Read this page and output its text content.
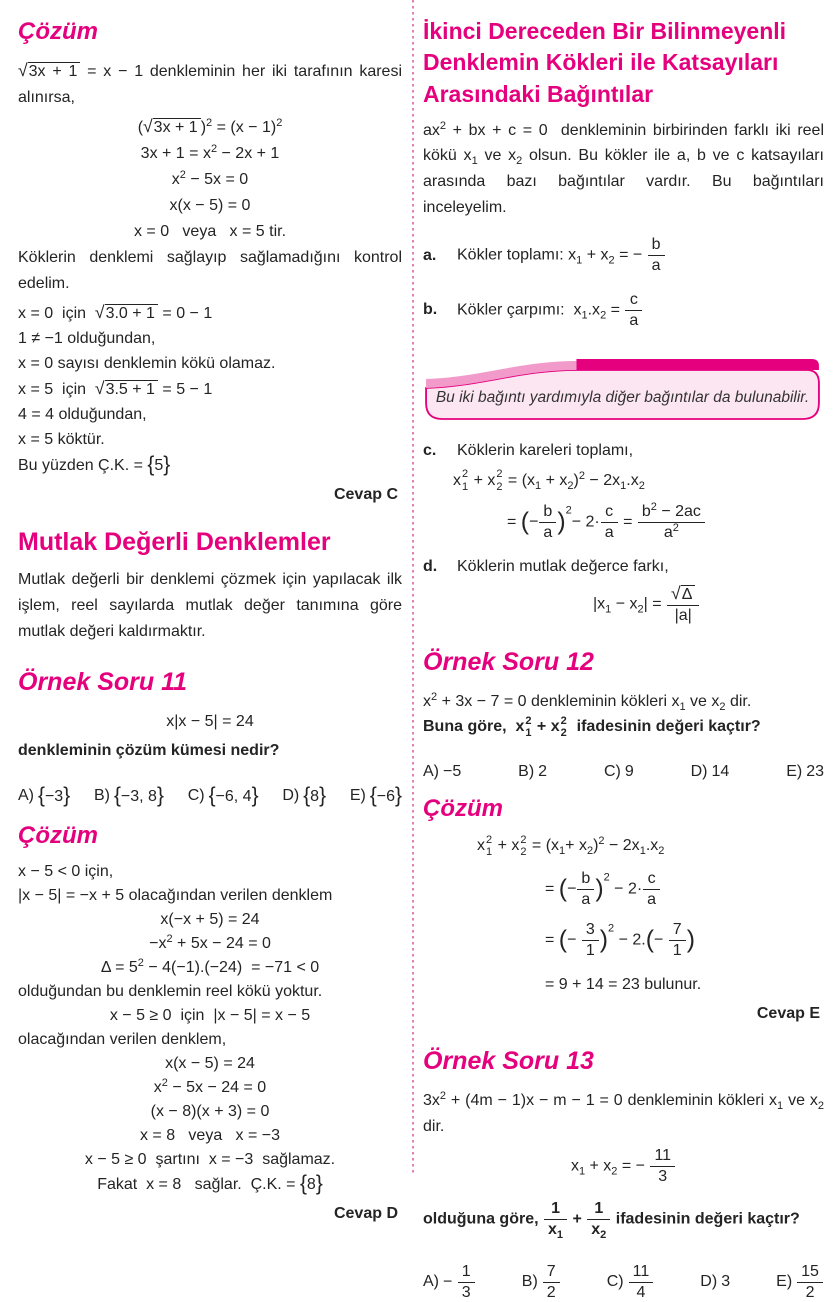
Çözüm

√3x + 1 = x − 1 denkleminin her iki tarafının karesi alınırsa,

(√3x + 1 )$^2 = (x - 1)^2$
$3x + 1 = x^2 - 2x + 1$
$x^2 - 5x = 0$
x(x − 5) = 0
x = 0   veya   x = 5 tir.

Köklerin denklemi sağlayıp sağlamadığını kontrol edelim.

x = 0  için  √3.0 + 1 = 0 − 1
1 ≠ −1 olduğundan,
x = 0 sayısı denklemin kökü olamaz.
x = 5  için  √3.5 + 1 = 5 − 1
4 = 4 olduğundan,
x = 5 köktür.
Bu yüzden Ç.K. = {5}
Cevap C
Mutlak Değerli Denklemler

Mutlak değerli bir denklemi çözmek için yapılacak ilk işlem, reel sayılarda mutlak değer tanımına göre mutlak değeri kaldırmaktır.

Örnek Soru 11
x|x − 5| = 24

denkleminin çözüm kümesi nedir?

A) {−3} B) {−3, 8} C) {−6, 4} D) {8} E) {−6}
Çözüm
x − 5 < 0 için,
|x − 5| = −x + 5 olacağından verilen denklem
x(−x + 5) = 24
$-x^2 + 5x - 24 = 0$
$\Delta = 5^2 - 4(-1).(-24) = -71 < 0$
olduğundan bu denklemin reel kökü yoktur.
x − 5 ≥ 0  için  |x − 5| = x − 5
olacağından verilen denklem,
x(x − 5) = 24
$x^2 - 5x - 24 = 0$
(x − 8)(x + 3) = 0
x = 8   veya   x = −3
x − 5 ≥ 0  şartını  x = −3  sağlamaz.
Fakat  x = 8   sağlar.  Ç.K. = {8}
Cevap D
İkinci Dereceden Bir Bilinmeyenli Denklemin Kökleri ile Katsayıları Arasındaki Bağıntılar

$ax^2$ + bx + c = 0  denkleminin birbirinden farklı iki reel kökü $x_1$ ve $x_2$ olsun. Bu kökler ile a, b ve c katsayıları arasında bazı bağıntılar vardır. Bu bağıntıları inceleyelim.

a.	Kökler toplamı: $x_1 + x_2$ = − $\frac{b}{a}$
b.	Kökler çarpımı:  $x_1.x_2 = \frac{c}{a}$
Bu iki bağıntı yardımıyla diğer bağıntılar da bulunabilir.
c.	Köklerin kareleri toplamı,
x 2
1 + x 2
$2 = (x_1 + x_2)^2 - 2x_1.x_2$
= (− $\frac{b}{a} )^2- 2\cdot \frac{c}{a} = \frac{b^2 - 2ac}{a^2}$
d.	Köklerin mutlak değerce farkı,
$|x_1 - x_2| = \frac{√\Delta}{|a|}$
Örnek Soru 12

$x^2 + 3x - 7 = 0$ denkleminin kökleri $x_1$ ve $x_2$ dir.

Buna göre,  x 2
1 + x 2
2 ifadesinin değeri kaçtır?

A) −5	B) 2	C) 9	D) 14	E) 23
Çözüm
x 2
1 + x 2
$2 = (x_1+ x_2)^2 - 2x_1.x_2$
= (− $\frac{b}{a} )^2 - 2\cdot \frac{c}{a}$
= (− $\frac{3}{1} )^2 - 2.(- \frac{7}{1}$ )
= 9 + 14 = 23 bulunur.
Cevap E
Örnek Soru 13

$3x^2 + (4m - 1)x - m - 1 = 0$ denkleminin kökleri $x_1$ ve $x_2$ dir.

$x_1 + x_2$ = − $\frac{11}{3}$

olduğuna göre, $\frac{1}{x_1} + \frac{1}{x_2}$ ifadesinin değeri kaçtır?

$A) - \frac{1}{3}$	$B) \frac{7}{2}$	$C) \frac{11}{4}$	D) 3	$E) \frac{15}{2}$
